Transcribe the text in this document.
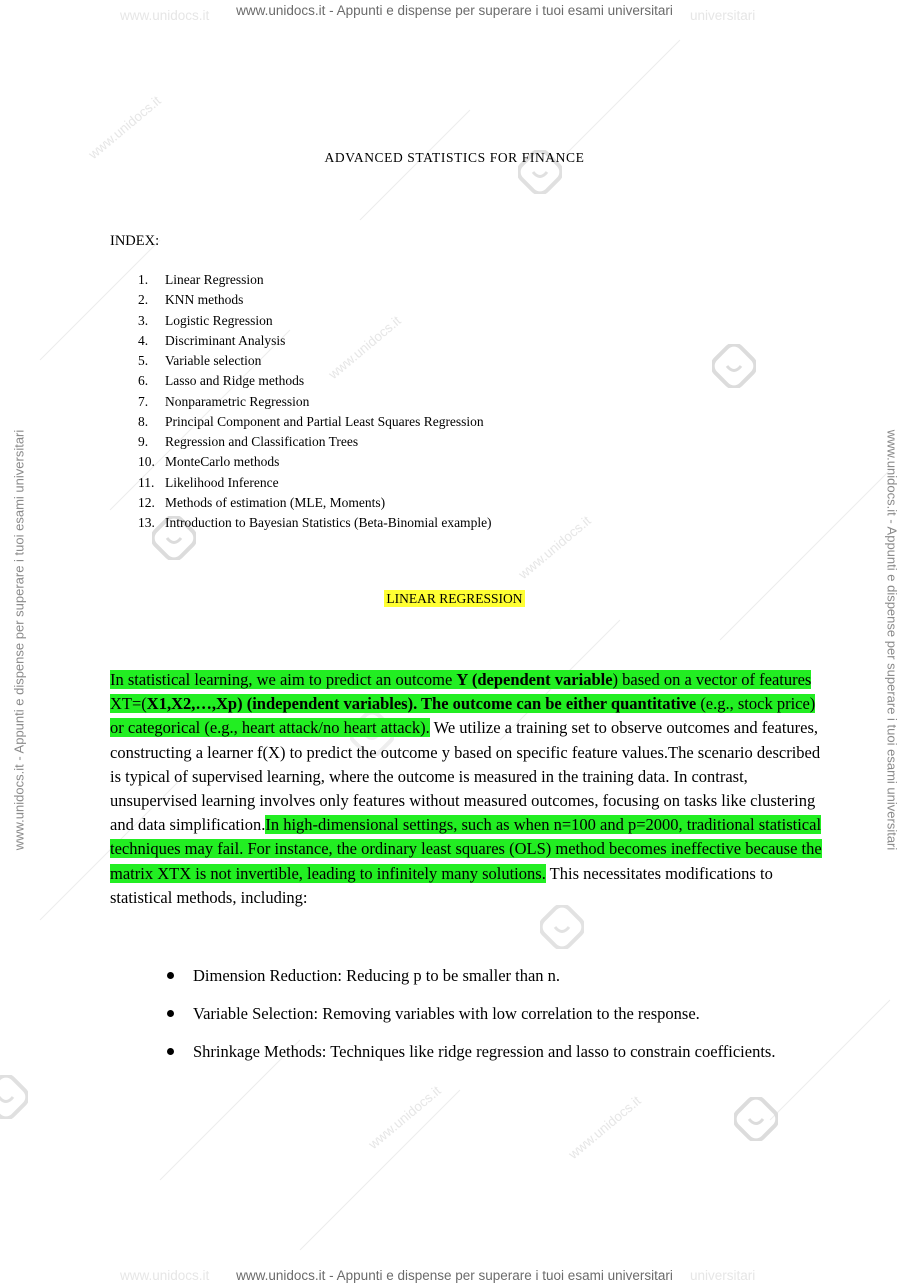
www.unidocs.it
www.unidocs.it
www.unidocs.it
www.unidocs.it	universitari
www.unidocs.it	universitari
www.unidocs.it	www.unidocs.it
www.unidocs.it - Appunti e dispense per superare i tuoi esami universitari
www.unidocs.it - Appunti e dispense per superare i tuoi esami universitari
www.unidocs.it - Appunti e dispense per superare i tuoi esami universitari	www.unidocs.it - Appunti e dispense per superare i tuoi esami universitari
ADVANCED STATISTICS FOR FINANCE
INDEX:
1. Linear Regression
2. KNN methods
3. Logistic Regression
4. Discriminant Analysis
5. Variable selection
6. Lasso and Ridge methods
7. Nonparametric Regression
8. Principal Component and Partial Least Squares Regression
9. Regression and Classification Trees
10. MonteCarlo methods
11. Likelihood Inference
12. Methods of estimation (MLE, Moments)
13. Introduction to Bayesian Statistics (Beta-Binomial example)
LINEAR REGRESSION

In statistical learning, we aim to predict an outcome Y (dependent variable) based on a vector of features XT=(X1,X2,…,Xp) (independent variables). The outcome can be either quantitative (e.g., stock price) or categorical (e.g., heart attack/no heart attack). We utilize a training set to observe outcomes and features, constructing a learner f(X) to predict the outcome y based on specific feature values.The scenario described is typical of supervised learning, where the outcome is measured in the training data. In contrast, unsupervised learning involves only features without measured outcomes, focusing on tasks like clustering and data simplification.In high-dimensional settings, such as when n=100 and p=2000, traditional statistical techniques may fail. For instance, the ordinary least squares (OLS) method becomes ineffective because the matrix XTX is not invertible, leading to infinitely many solutions. This necessitates modifications to statistical methods, including:

Dimension Reduction: Reducing p to be smaller than n.
Variable Selection: Removing variables with low correlation to the response.
Shrinkage Methods: Techniques like ridge regression and lasso to constrain coefficients.
